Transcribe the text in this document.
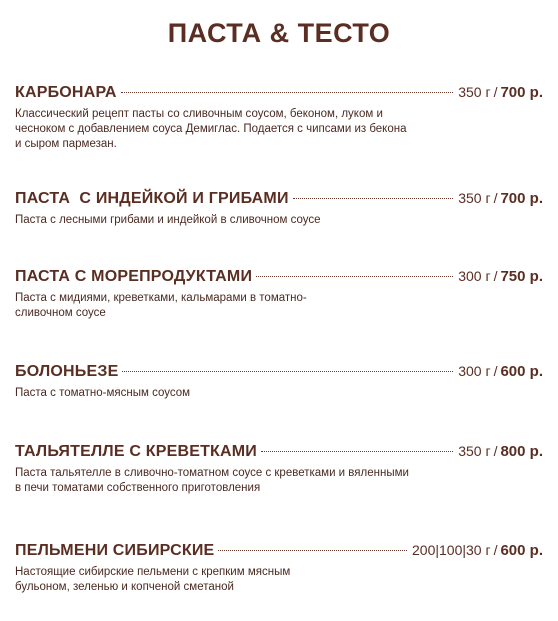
ПАСТА & ТЕСТО
КАРБОНАРА	350 г / 700 р.
Классический рецепт пасты со сливочным соусом, беконом, луком и чесноком с добавлением соуса Демиглас. Подается с чипсами из бекона и сыром пармезан.
ПАСТА  С ИНДЕЙКОЙ И ГРИБАМИ	350 г / 700 р.
Паста с лесными грибами и индейкой в сливочном соусе
ПАСТА С МОРЕПРОДУКТАМИ	300 г / 750 р.
Паста с мидиями, креветками, кальмарами в томатно-сливочном соусе
БОЛОНЬЕЗЕ	300 г / 600 р.
Паста с томатно-мясным соусом
ТАЛЬЯТЕЛЛЕ С КРЕВЕТКАМИ	350 г / 800 р.
Паста тальятелле в сливочно-томатном соусе с креветками и вяленными в печи томатами собственного приготовления
ПЕЛЬМЕНИ СИБИРСКИЕ	200|100|30 г / 600 р.
Настоящие сибирские пельмени с крепким мясным бульоном, зеленью и копченой сметаной
